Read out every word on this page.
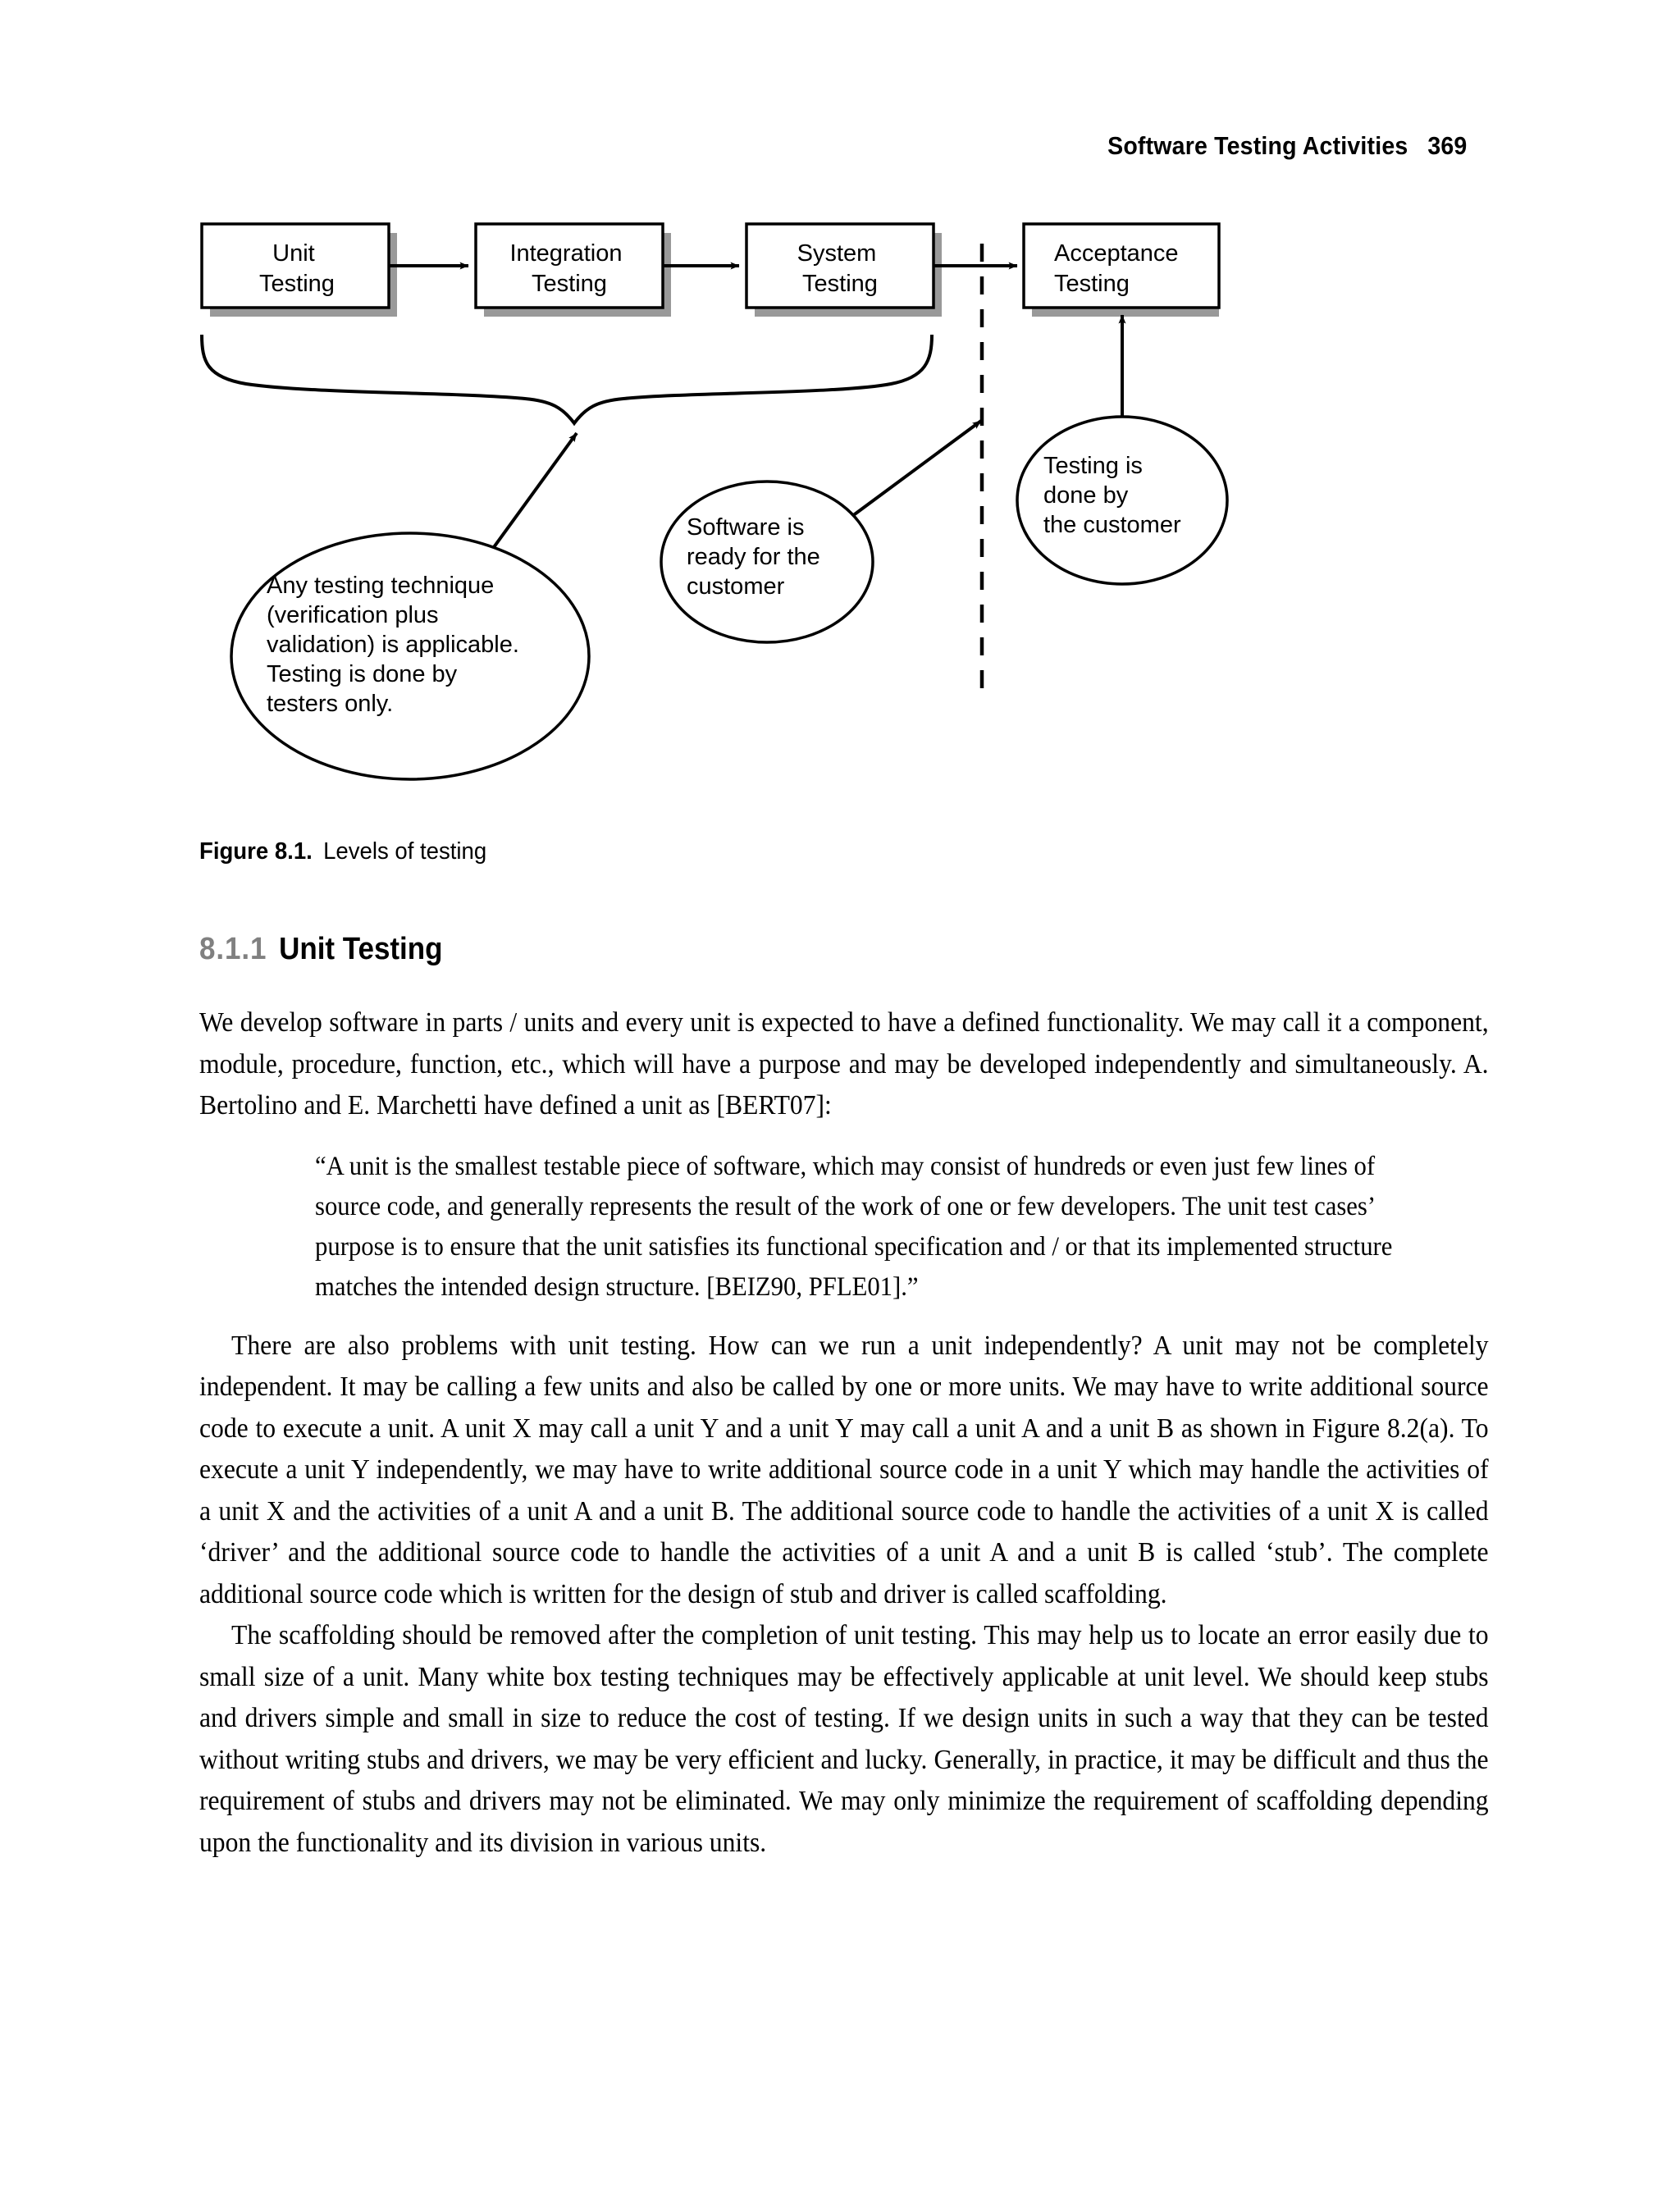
Software Testing Activities 369
Unit Testing
Integration Testing
System Testing
Acceptance Testing
Any testing technique (verification plus validation) is applicable. Testing is done by testers only.
Software is ready for the customer
Testing is done by the customer
Figure 8.1. Levels of testing
8.1.1 Unit Testing

We develop software in parts / units and every unit is expected to have a defined functionality. We may call it a component, module, procedure, function, etc., which will have a purpose and may be developed independently and simultaneously. A. Bertolino and E. Marchetti have defined a unit as [BERT07]:

“A unit is the smallest testable piece of software, which may consist of hundreds or even just few lines of source code, and generally represents the result of the work of one or few developers. The unit test cases’ purpose is to ensure that the unit satisfies its functional specification and / or that its implemented structure matches the intended design structure. [BEIZ90, PFLE01].”

There are also problems with unit testing. How can we run a unit independently? A unit may not be completely independent. It may be calling a few units and also be called by one or more units. We may have to write additional source code to execute a unit. A unit X may call a unit Y and a unit Y may call a unit A and a unit B as shown in Figure 8.2(a). To execute a unit Y independently, we may have to write additional source code in a unit Y which may handle the activities of a unit X and the activities of a unit A and a unit B. The additional source code to handle the activities of a unit X is called ‘driver’ and the additional source code to handle the activities of a unit A and a unit B is called ‘stub’. The complete additional source code which is written for the design of stub and driver is called scaffolding.

The scaffolding should be removed after the completion of unit testing. This may help us to locate an error easily due to small size of a unit. Many white box testing techniques may be effectively applicable at unit level. We should keep stubs and drivers simple and small in size to reduce the cost of testing. If we design units in such a way that they can be tested without writing stubs and drivers, we may be very efficient and lucky. Generally, in practice, it may be difficult and thus the requirement of stubs and drivers may not be eliminated. We may only minimize the requirement of scaffolding depending upon the functionality and its division in various units.
